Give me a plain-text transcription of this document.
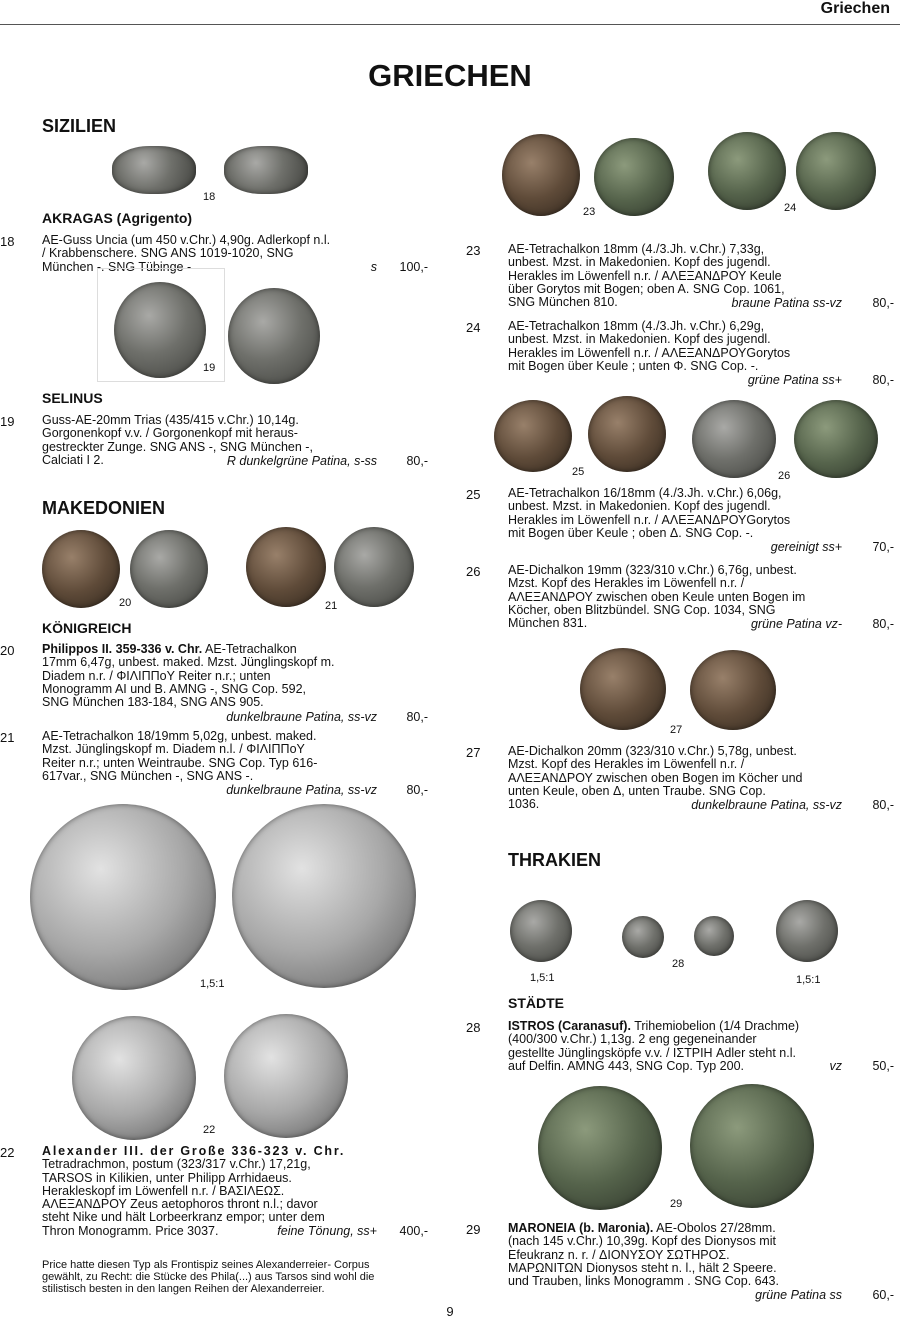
Griechen
GRIECHEN
SIZILIEN
18
AKRAGAS (Agrigento)
18 AE-Guss Uncia (um 450 v.Chr.) 4,90g. Adlerkopf n.l.

/ Krabbenschere. SNG ANS 1019-1020, SNG

München -. SNG Tübinge -	s	100,-
19
SELINUS
19 Guss-AE-20mm Trias (435/415 v.Chr.) 10,14g.

Gorgonenkopf v.v. / Gorgonenkopf mit heraus-

gestreckter Zunge. SNG ANS -, SNG München -,

Calciati I 2.	R dunkelgrüne Patina, s-ss	80,-
MAKEDONIEN
20	21
KÖNIGREICH
20 Philippos II. 359-336 v. Chr. AE-Tetrachalkon

17mm 6,47g, unbest. maked. Mzst. Jünglingskopf m.

Diadem n.r. / ΦΙΛΙΠΠοΥ Reiter n.r.; unten

Monogramm AI und B. AMNG -, SNG Cop. 592,

SNG München 183-184, SNG ANS 905.

dunkelbraune Patina, ss-vz	80,-
21 AE-Tetrachalkon 18/19mm 5,02g, unbest. maked.

Mzst. Jünglingskopf m. Diadem n.l. / ΦΙΛΙΠΠοΥ

Reiter n.r.; unten Weintraube. SNG Cop. Typ 616-

617var., SNG München -, SNG ANS -.

dunkelbraune Patina, ss-vz	80,-
1,5:1
22
22 Alexander III. der Große 336-323 v. Chr.

Tetradrachmon, postum (323/317 v.Chr.) 17,21g,

TARSOS in Kilikien, unter Philipp Arrhidaeus.

Herakleskopf im Löwenfell n.r. / ΒΑΣΙΛΕΩΣ.

ΑΛΕΞΑΝΔΡΟΥ Zeus aetophoros thront n.l.; davor

steht Nike und hält Lorbeerkranz empor; unter dem

Thron Monogramm. Price 3037.	feine Tönung, ss+	400,-
Price hatte diesen Typ als Frontispiz seines Alexanderreier- Corpus
gewählt, zu Recht: die Stücke des Phila(...) aus Tarsos sind wohl die
stilistisch besten in den langen Reihen der Alexanderreier.
23	24
23 AE-Tetrachalkon 18mm (4./3.Jh. v.Chr.) 7,33g,

unbest. Mzst. in Makedonien. Kopf des jugendl.

Herakles im Löwenfell n.r. / ΑΛΕΞΑΝΔΡΟΥ Keule

über Gorytos mit Bogen; oben A. SNG Cop. 1061,

SNG München 810.	braune Patina ss-vz	80,-
24 AE-Tetrachalkon 18mm (4./3.Jh. v.Chr.) 6,29g,

unbest. Mzst. in Makedonien. Kopf des jugendl.

Herakles im Löwenfell n.r. / ΑΛΕΞΑΝΔΡΟΥGorytos

mit Bogen über Keule ; unten Φ. SNG Cop. -.

grüne Patina ss+	80,-
25	26
25 AE-Tetrachalkon 16/18mm (4./3.Jh. v.Chr.) 6,06g,

unbest. Mzst. in Makedonien. Kopf des jugendl.

Herakles im Löwenfell n.r. / ΑΛΕΞΑΝΔΡΟΥGorytos

mit Bogen über Keule ; oben Δ. SNG Cop. -.

gereinigt ss+	70,-
26 AE-Dichalkon 19mm (323/310 v.Chr.) 6,76g, unbest.

Mzst. Kopf des Herakles im Löwenfell n.r. /

ΑΛΕΞΑΝΔΡΟΥ zwischen oben Keule unten Bogen im

Köcher, oben Blitzbündel. SNG Cop. 1034, SNG

München 831.	grüne Patina vz-	80,-
27
27 AE-Dichalkon 20mm (323/310 v.Chr.) 5,78g, unbest.

Mzst. Kopf des Herakles im Löwenfell n.r. /

ΑΛΕΞΑΝΔΡΟΥ zwischen oben Bogen im Köcher und

unten Keule, oben Δ, unten Traube. SNG Cop.

1036.	dunkelbraune Patina, ss-vz	80,-
THRAKIEN
1,5:1
28
1,5:1
STÄDTE
28 ISTROS (Caranasuf). Trihemiobelion (1/4 Drachme)

(400/300 v.Chr.) 1,13g. 2 eng gegeneinander

gestellte Jünglingsköpfe v.v. / ΙΣΤΡΙΗ Adler steht n.l.

auf Delfin. AMNG 443, SNG Cop. Typ 200.	vz	50,-
29
29 MARONEIA (b. Maronia). AE-Obolos 27/28mm.

(nach 145 v.Chr.) 10,39g. Kopf des Dionysos mit

Efeukranz n. r. / ΔΙΟΝΥΣΟΥ ΣΩΤΗΡΟΣ.

ΜΑΡΩΝΙΤΩΝ Dionysos steht n. l., hält 2 Speere.

und Trauben, links Monogramm . SNG Cop. 643.

grüne Patina ss	60,-
9
